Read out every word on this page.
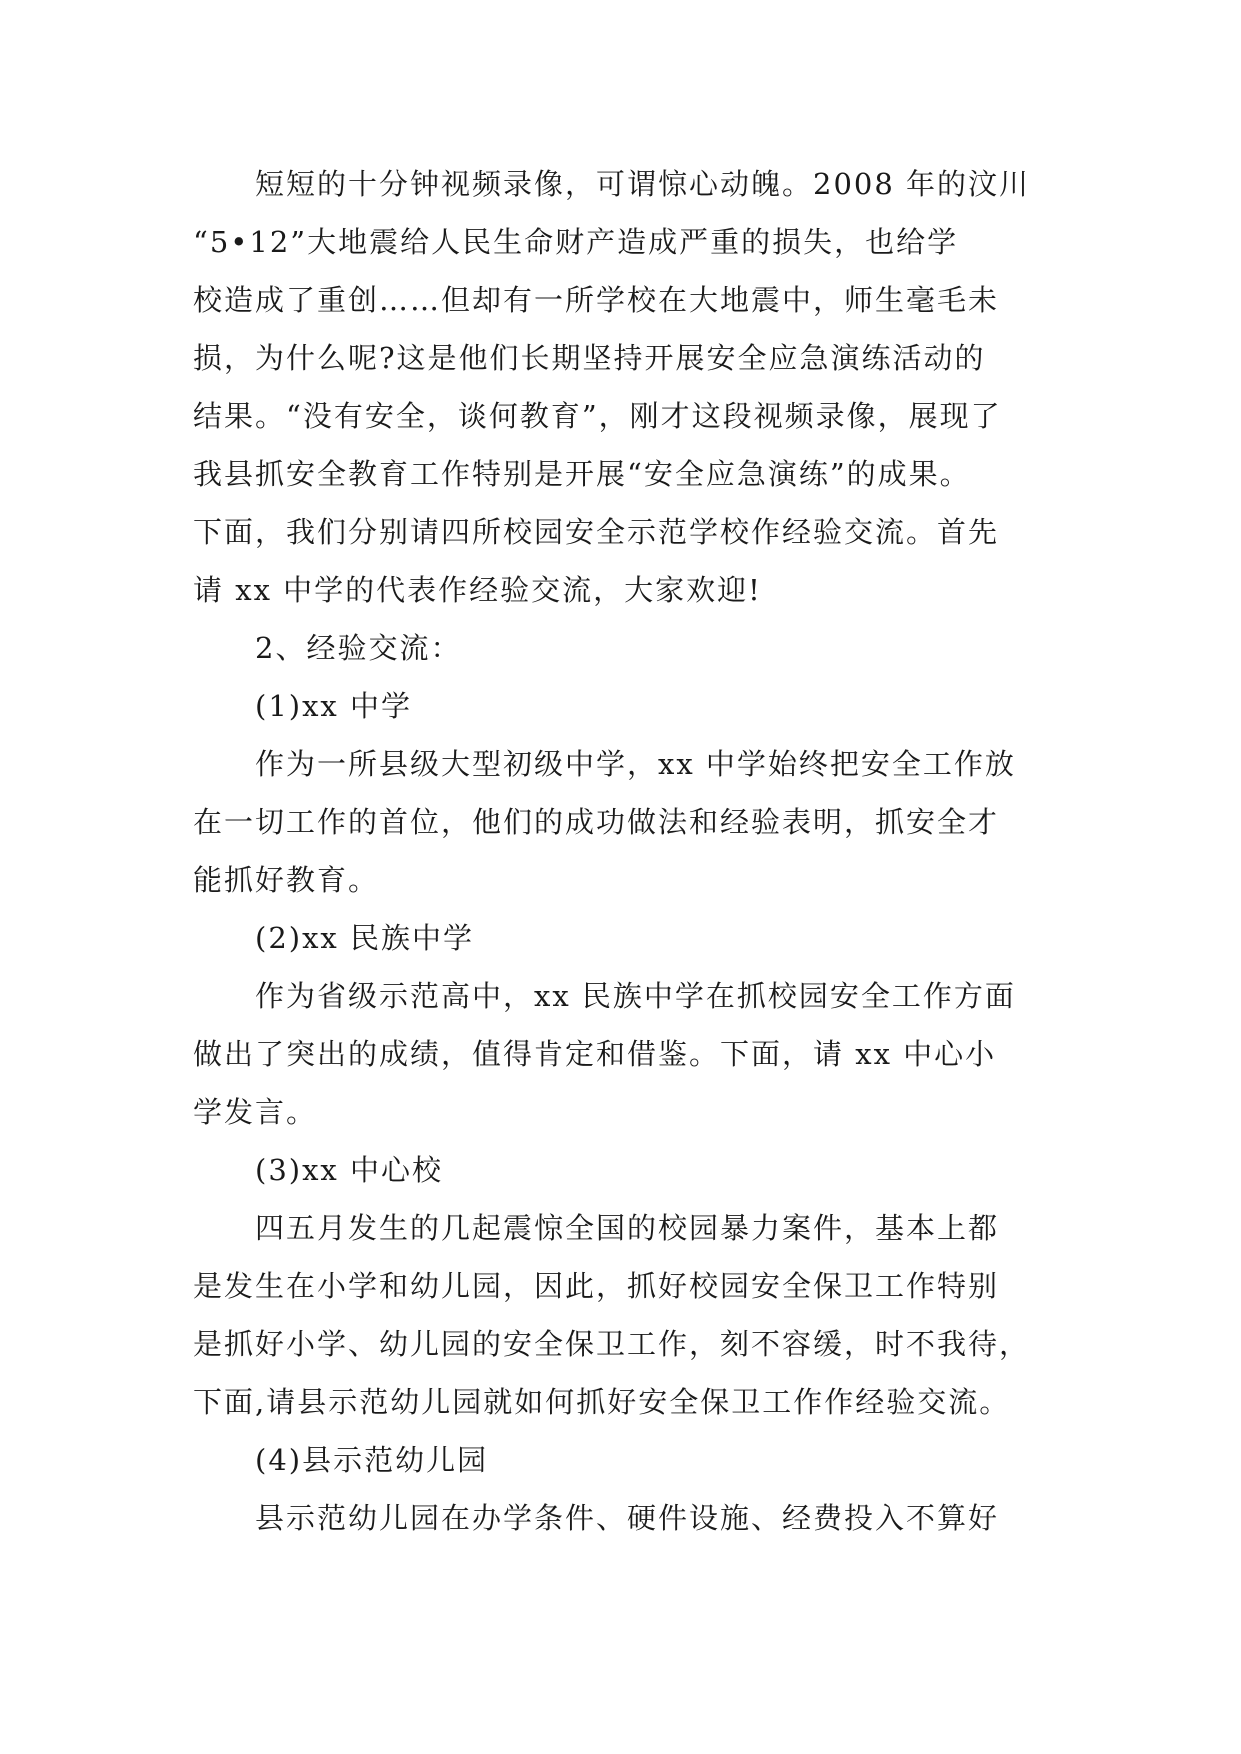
短短的十分钟视频录像，可谓惊心动魄。2008 年的汶川
“5•12”大地震给人民生命财产造成严重的损失，也给学
校造成了重创……但却有一所学校在大地震中，师生毫毛未
损，为什么呢?这是他们长期坚持开展安全应急演练活动的
结果。“没有安全，谈何教育”，刚才这段视频录像，展现了
我县抓安全教育工作特别是开展“安全应急演练”的成果。
下面，我们分别请四所校园安全示范学校作经验交流。首先
请 xx 中学的代表作经验交流，大家欢迎!
2、经验交流：
(1)xx 中学
作为一所县级大型初级中学，xx 中学始终把安全工作放
在一切工作的首位，他们的成功做法和经验表明，抓安全才
能抓好教育。
(2)xx 民族中学
作为省级示范高中，xx 民族中学在抓校园安全工作方面
做出了突出的成绩，值得肯定和借鉴。下面，请 xx 中心小
学发言。
(3)xx 中心校
四五月发生的几起震惊全国的校园暴力案件，基本上都
是发生在小学和幼儿园，因此，抓好校园安全保卫工作特别
是抓好小学、幼儿园的安全保卫工作，刻不容缓，时不我待，
下面,请县示范幼儿园就如何抓好安全保卫工作作经验交流。
(4)县示范幼儿园
县示范幼儿园在办学条件、硬件设施、经费投入不算好
